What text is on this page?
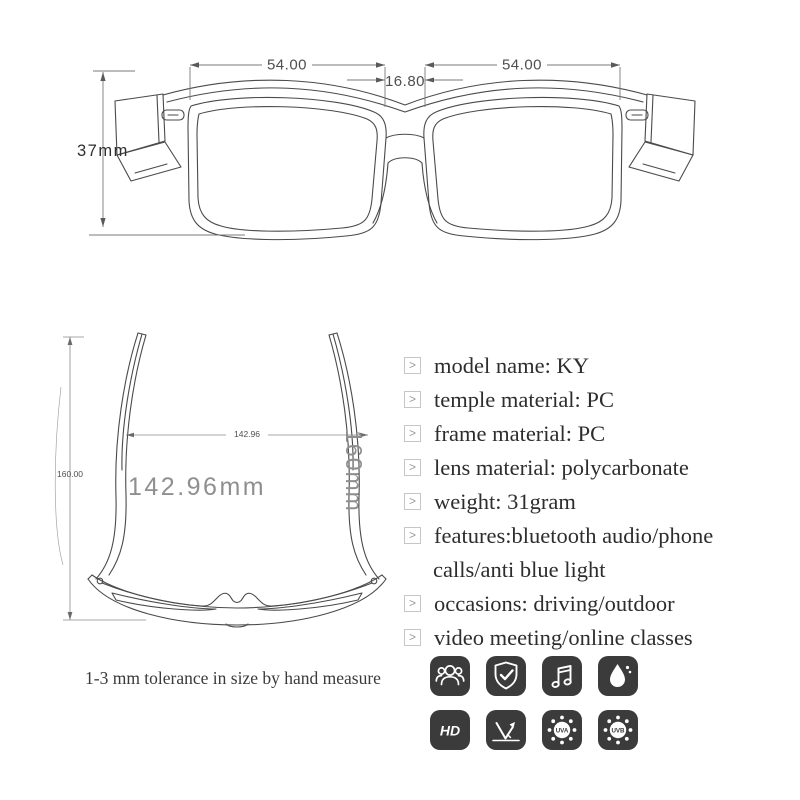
54.00	54.00
16.80
37mm
142.96
160.00 142.96mm	160mm
> model name: KY
> temple material: PC
> frame material: PC
> lens material: polycarbonate
> weight: 31gram
> features:bluetooth audio/phone
calls/anti blue light
> occasions: driving/outdoor
> video meeting/online classes
1-3 mm tolerance in size by hand measure
HD	UVA	UVB
